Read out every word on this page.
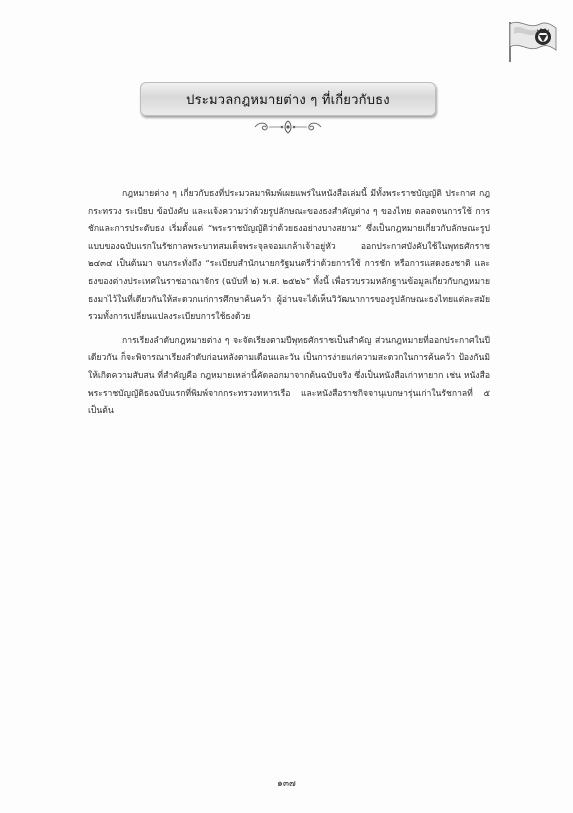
ประมวลกฎหมายต่าง ๆ ที่เกี่ยวกับธง

กฎหมายต่าง ๆ เกี่ยวกับธงที่ประมวลมาพิมพ์เผยแพร่ในหนังสือเล่มนี้ มีทั้งพระราชบัญญัติ ประกาศ กฎกระทรวง ระเบียบ ข้อบังคับ และแจ้งความว่าด้วยรูปลักษณะของธงสำคัญต่าง ๆ ของไทย ตลอดจนการใช้ การชักและการประดับธง เริ่มตั้งแต่ “พระราชบัญญัติว่าด้วยธงอย่างบางสยาม” ซึ่งเป็นกฎหมายเกี่ยวกับลักษณะรูปแบบของฉบับแรกในรัชกาลพระบาทสมเด็จพระจุลจอมเกล้าเจ้าอยู่หัว ออกประกาศบังคับใช้ในพุทธศักราช ๒๔๓๔ เป็นต้นมา จนกระทั่งถึง “ระเบียบสำนักนายกรัฐมนตรีว่าด้วยการใช้ การชัก หรือการแสดงธงชาติ และธงของต่างประเทศในราชอาณาจักร (ฉบับที่ ๒) พ.ศ. ๒๕๒๖” ทั้งนี้ เพื่อรวบรวมหลักฐานข้อมูลเกี่ยวกับกฎหมายธงมาไว้ในที่เดียวกันให้สะดวกแก่การศึกษาค้นคว้า ผู้อ่านจะได้เห็นวิวัฒนาการของรูปลักษณะธงไทยแต่ละสมัย รวมทั้งการเปลี่ยนแปลงระเบียบการใช้ธงด้วย

การเรียงลำดับกฎหมายต่าง ๆ จะจัดเรียงตามปีพุทธศักราชเป็นสำคัญ ส่วนกฎหมายที่ออกประกาศในปีเดียวกัน ก็จะพิจารณาเรียงลำดับก่อนหลังตามเดือนและวัน เป็นการง่ายแก่ความสะดวกในการค้นคว้า ป้องกันมิให้เกิดความสับสน ที่สำคัญคือ กฎหมายเหล่านี้คัดลอกมาจากต้นฉบับจริง ซึ่งเป็นหนังสือเก่าหายาก เช่น หนังสือพระราชบัญญัติธงฉบับแรกที่พิมพ์จากกระทรวงทหารเรือ และหนังสือราชกิจจานุเบกษารุ่นเก่าในรัชกาลที่ ๕ เป็นต้น

๑๓๗
